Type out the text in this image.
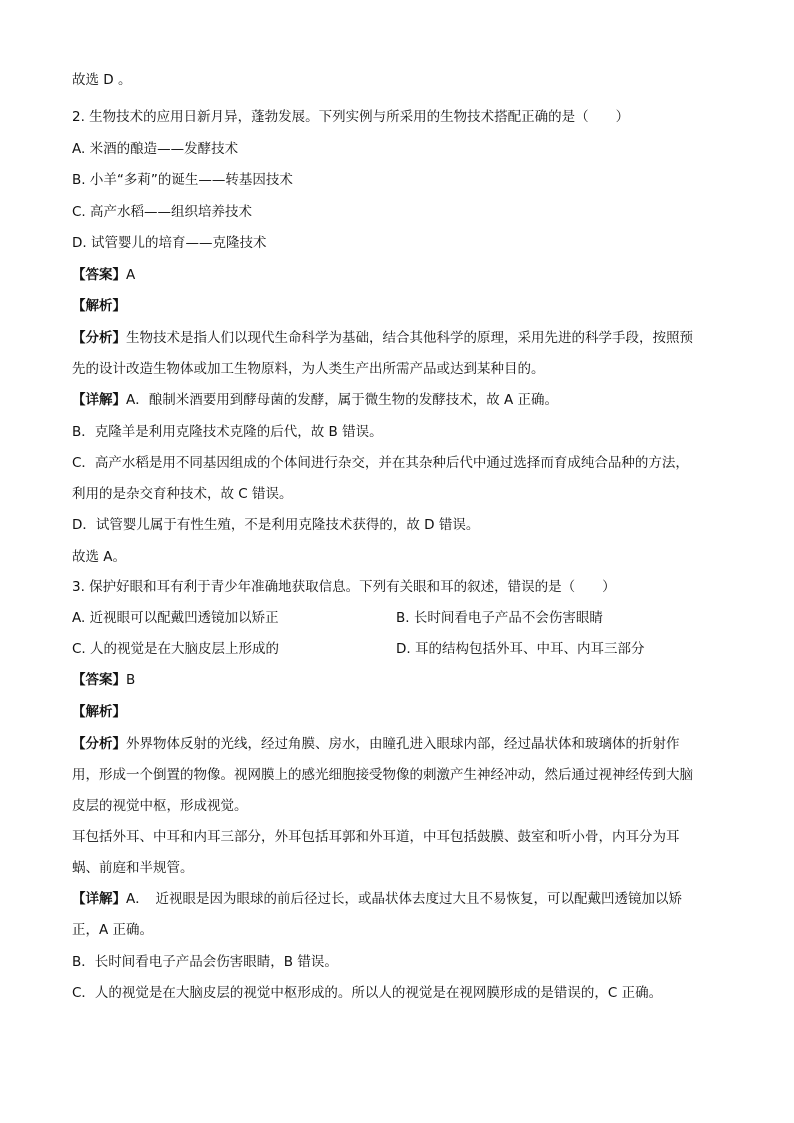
故选 D 。
2. 生物技术的应用日新月异，蓬勃发展。下列实例与所采用的生物技术搭配正确的是（　　）
A. 米酒的酿造——发酵技术
B. 小羊“多莉”的诞生——转基因技术
C. 高产水稻——组织培养技术
D. 试管婴儿的培育——克隆技术
【答案】A
【解析】
【分析】生物技术是指人们以现代生命科学为基础，结合其他科学的原理，采用先进的科学手段，按照预
先的设计改造生物体或加工生物原料，为人类生产出所需产品或达到某种目的。
【详解】A．酿制米酒要用到酵母菌的发酵，属于微生物的发酵技术，故 A 正确。
B．克隆羊是利用克隆技术克隆的后代，故 B 错误。
C．高产水稻是用不同基因组成的个体间进行杂交，并在其杂种后代中通过选择而育成纯合品种的方法，
利用的是杂交育种技术，故 C 错误。
D．试管婴儿属于有性生殖，不是利用克隆技术获得的，故 D 错误。
故选 A。
3. 保护好眼和耳有利于青少年准确地获取信息。下列有关眼和耳的叙述，错误的是（　　）
A. 近视眼可以配戴凹透镜加以矫正	B. 长时间看电子产品不会伤害眼睛
C. 人的视觉是在大脑皮层上形成的	D. 耳的结构包括外耳、中耳、内耳三部分
【答案】B
【解析】
【分析】外界物体反射的光线，经过角膜、房水，由瞳孔进入眼球内部，经过晶状体和玻璃体的折射作
用，形成一个倒置的物像。视网膜上的感光细胞接受物像的刺激产生神经冲动，然后通过视神经传到大脑
皮层的视觉中枢，形成视觉。
耳包括外耳、中耳和内耳三部分，外耳包括耳郭和外耳道，中耳包括鼓膜、鼓室和听小骨，内耳分为耳
蜗、前庭和半规管。
【详解】A．　近视眼是因为眼球的前后径过长，或晶状体去度过大且不易恢复，可以配戴凹透镜加以矫
正，A 正确。
B．长时间看电子产品会伤害眼睛，B 错误。
C．人的视觉是在大脑皮层的视觉中枢形成的。所以人的视觉是在视网膜形成的是错误的，C 正确。
